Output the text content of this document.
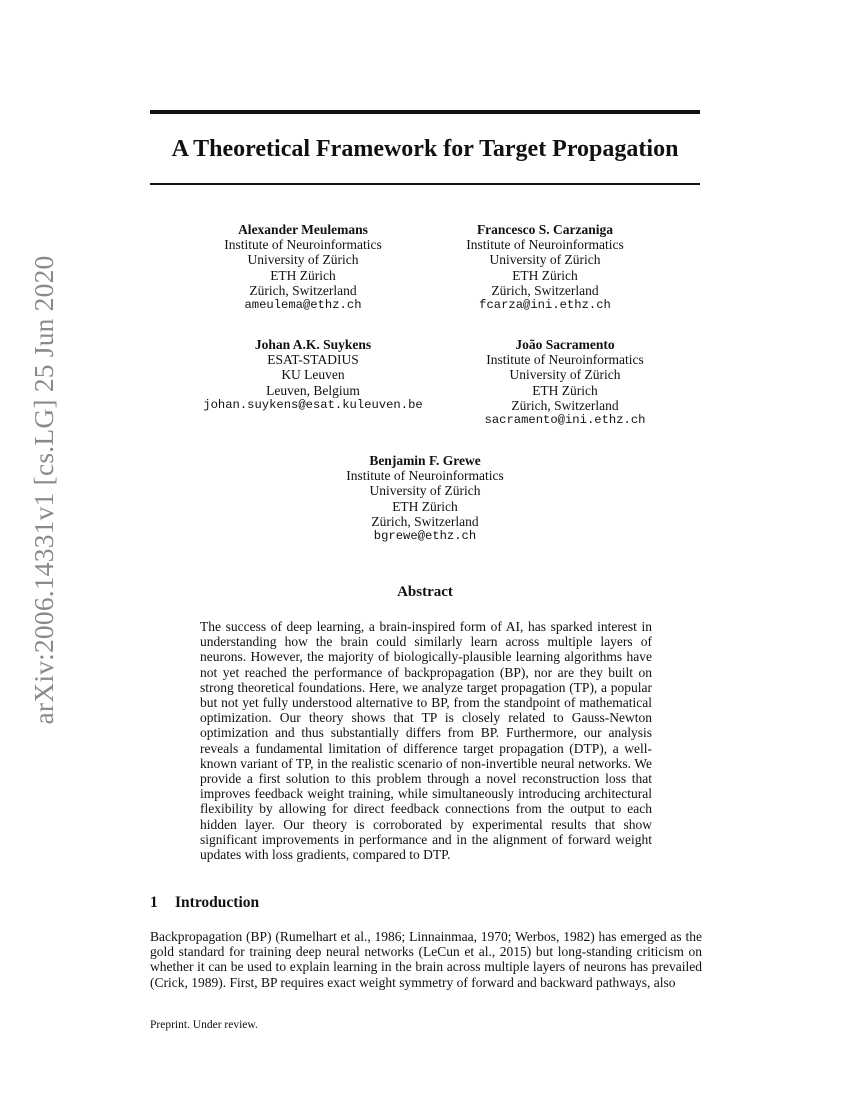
A Theoretical Framework for Target Propagation
arXiv:2006.14331v1 [cs.LG] 25 Jun 2020
Alexander Meulemans
Institute of Neuroinformatics
University of Zürich
ETH Zürich
Zürich, Switzerland
ameulema@ethz.ch
Francesco S. Carzaniga
Institute of Neuroinformatics
University of Zürich
ETH Zürich
Zürich, Switzerland
fcarza@ini.ethz.ch
Johan A.K. Suykens
ESAT-STADIUS
KU Leuven
Leuven, Belgium
johan.suykens@esat.kuleuven.be
João Sacramento
Institute of Neuroinformatics
University of Zürich
ETH Zürich
Zürich, Switzerland
sacramento@ini.ethz.ch
Benjamin F. Grewe
Institute of Neuroinformatics
University of Zürich
ETH Zürich
Zürich, Switzerland
bgrewe@ethz.ch
Abstract
The success of deep learning, a brain-inspired form of AI, has sparked interest in understanding how the brain could similarly learn across multiple layers of neurons. However, the majority of biologically-plausible learning algorithms have not yet reached the performance of backpropagation (BP), nor are they built on strong theoretical foundations. Here, we analyze target propagation (TP), a popular but not yet fully understood alternative to BP, from the standpoint of mathematical optimization. Our theory shows that TP is closely related to Gauss-Newton optimization and thus substantially differs from BP. Furthermore, our analysis reveals a fundamental limitation of difference target propagation (DTP), a well-known variant of TP, in the realistic scenario of non-invertible neural networks. We provide a first solution to this problem through a novel reconstruction loss that improves feedback weight training, while simultaneously introducing architectural flexibility by allowing for direct feedback connections from the output to each hidden layer. Our theory is corroborated by experimental results that show significant improvements in performance and in the alignment of forward weight updates with loss gradients, compared to DTP.
1 Introduction
Backpropagation (BP) (Rumelhart et al., 1986; Linnainmaa, 1970; Werbos, 1982) has emerged as the gold standard for training deep neural networks (LeCun et al., 2015) but long-standing criticism on whether it can be used to explain learning in the brain across multiple layers of neurons has prevailed (Crick, 1989). First, BP requires exact weight symmetry of forward and backward pathways, also
Preprint. Under review.
